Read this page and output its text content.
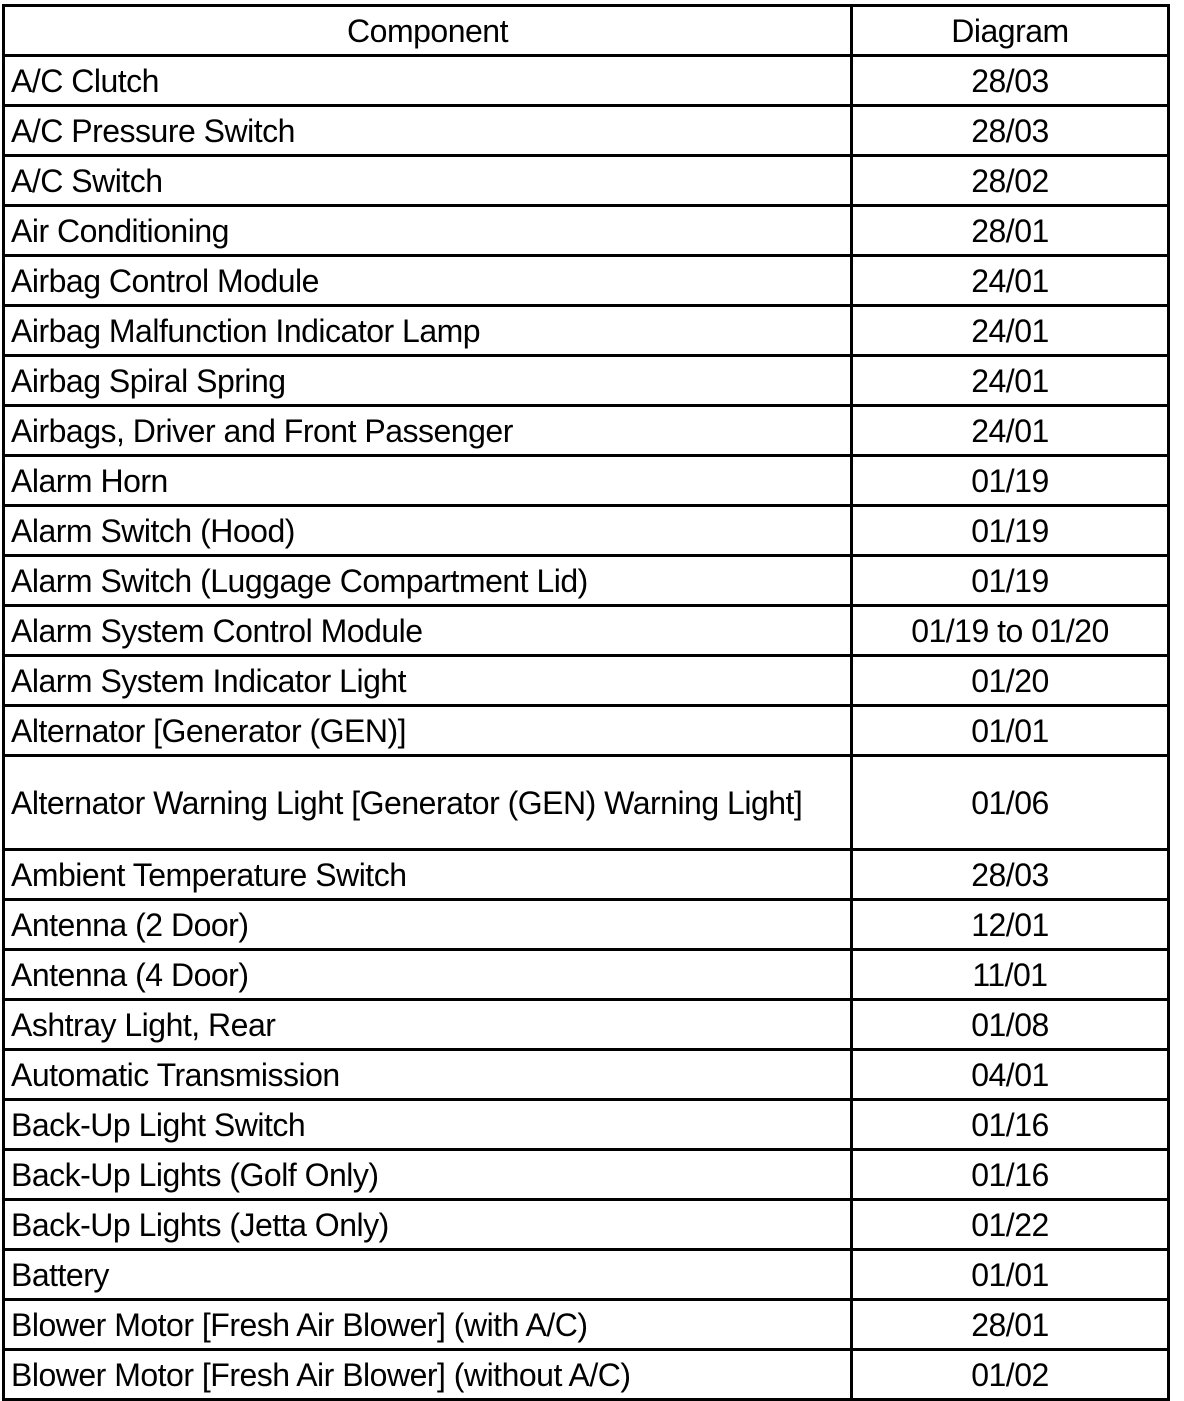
Component	Diagram
A/C Clutch	28/03
A/C Pressure Switch	28/03
A/C Switch	28/02
Air Conditioning	28/01
Airbag Control Module	24/01
Airbag Malfunction Indicator Lamp	24/01
Airbag Spiral Spring	24/01
Airbags, Driver and Front Passenger	24/01
Alarm Horn	01/19
Alarm Switch (Hood)	01/19
Alarm Switch (Luggage Compartment Lid)	01/19
Alarm System Control Module	01/19 to 01/20
Alarm System Indicator Light	01/20
Alternator [Generator (GEN)]	01/01
Alternator Warning Light [Generator (GEN) Warning Light]	01/06
Ambient Temperature Switch	28/03
Antenna (2 Door)	12/01
Antenna (4 Door)	11/01
Ashtray Light, Rear	01/08
Automatic Transmission	04/01
Back-Up Light Switch	01/16
Back-Up Lights (Golf Only)	01/16
Back-Up Lights (Jetta Only)	01/22
Battery	01/01
Blower Motor [Fresh Air Blower] (with A/C)	28/01
Blower Motor [Fresh Air Blower] (without A/C)	01/02
